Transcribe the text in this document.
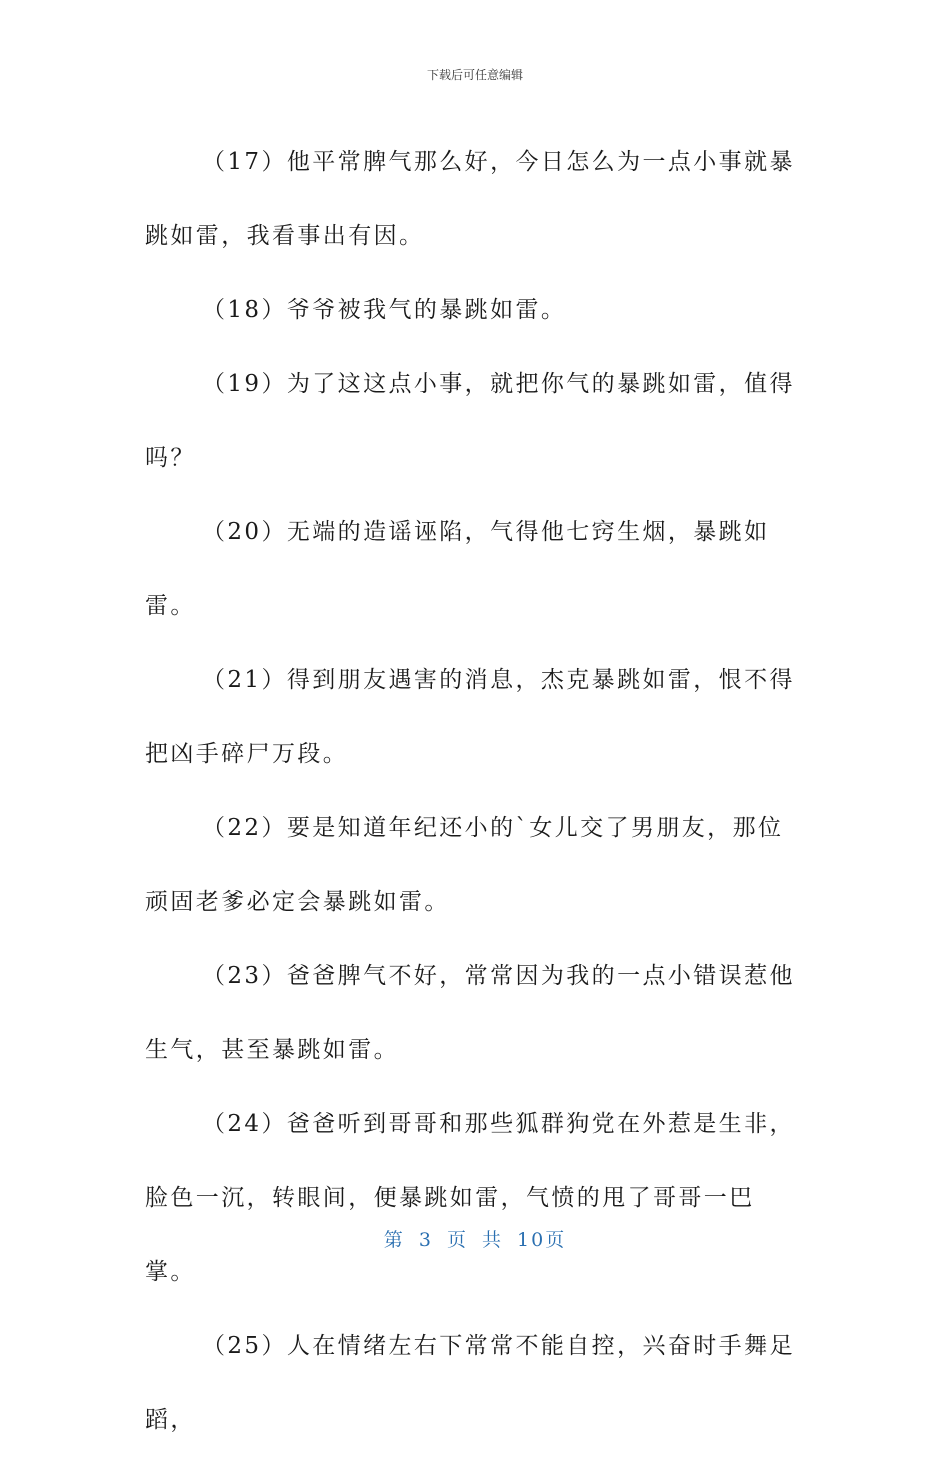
下载后可任意编辑

（17）他平常脾气那么好，今日怎么为一点小事就暴跳如雷，我看事出有因。

（18）爷爷被我气的暴跳如雷。

（19）为了这这点小事，就把你气的暴跳如雷，值得吗？

（20）无端的造谣诬陷，气得他七窍生烟，暴跳如雷。

（21）得到朋友遇害的消息，杰克暴跳如雷，恨不得把凶手碎尸万段。

（22）要是知道年纪还小的`女儿交了男朋友，那位顽固老爹必定会暴跳如雷。

（23）爸爸脾气不好，常常因为我的一点小错误惹他生气，甚至暴跳如雷。

（24）爸爸听到哥哥和那些狐群狗党在外惹是生非，脸色一沉，转眼间，便暴跳如雷，气愤的甩了哥哥一巴掌。

（25）人在情绪左右下常常不能自控，兴奋时手舞足蹈，

第 3 页 共 10页
